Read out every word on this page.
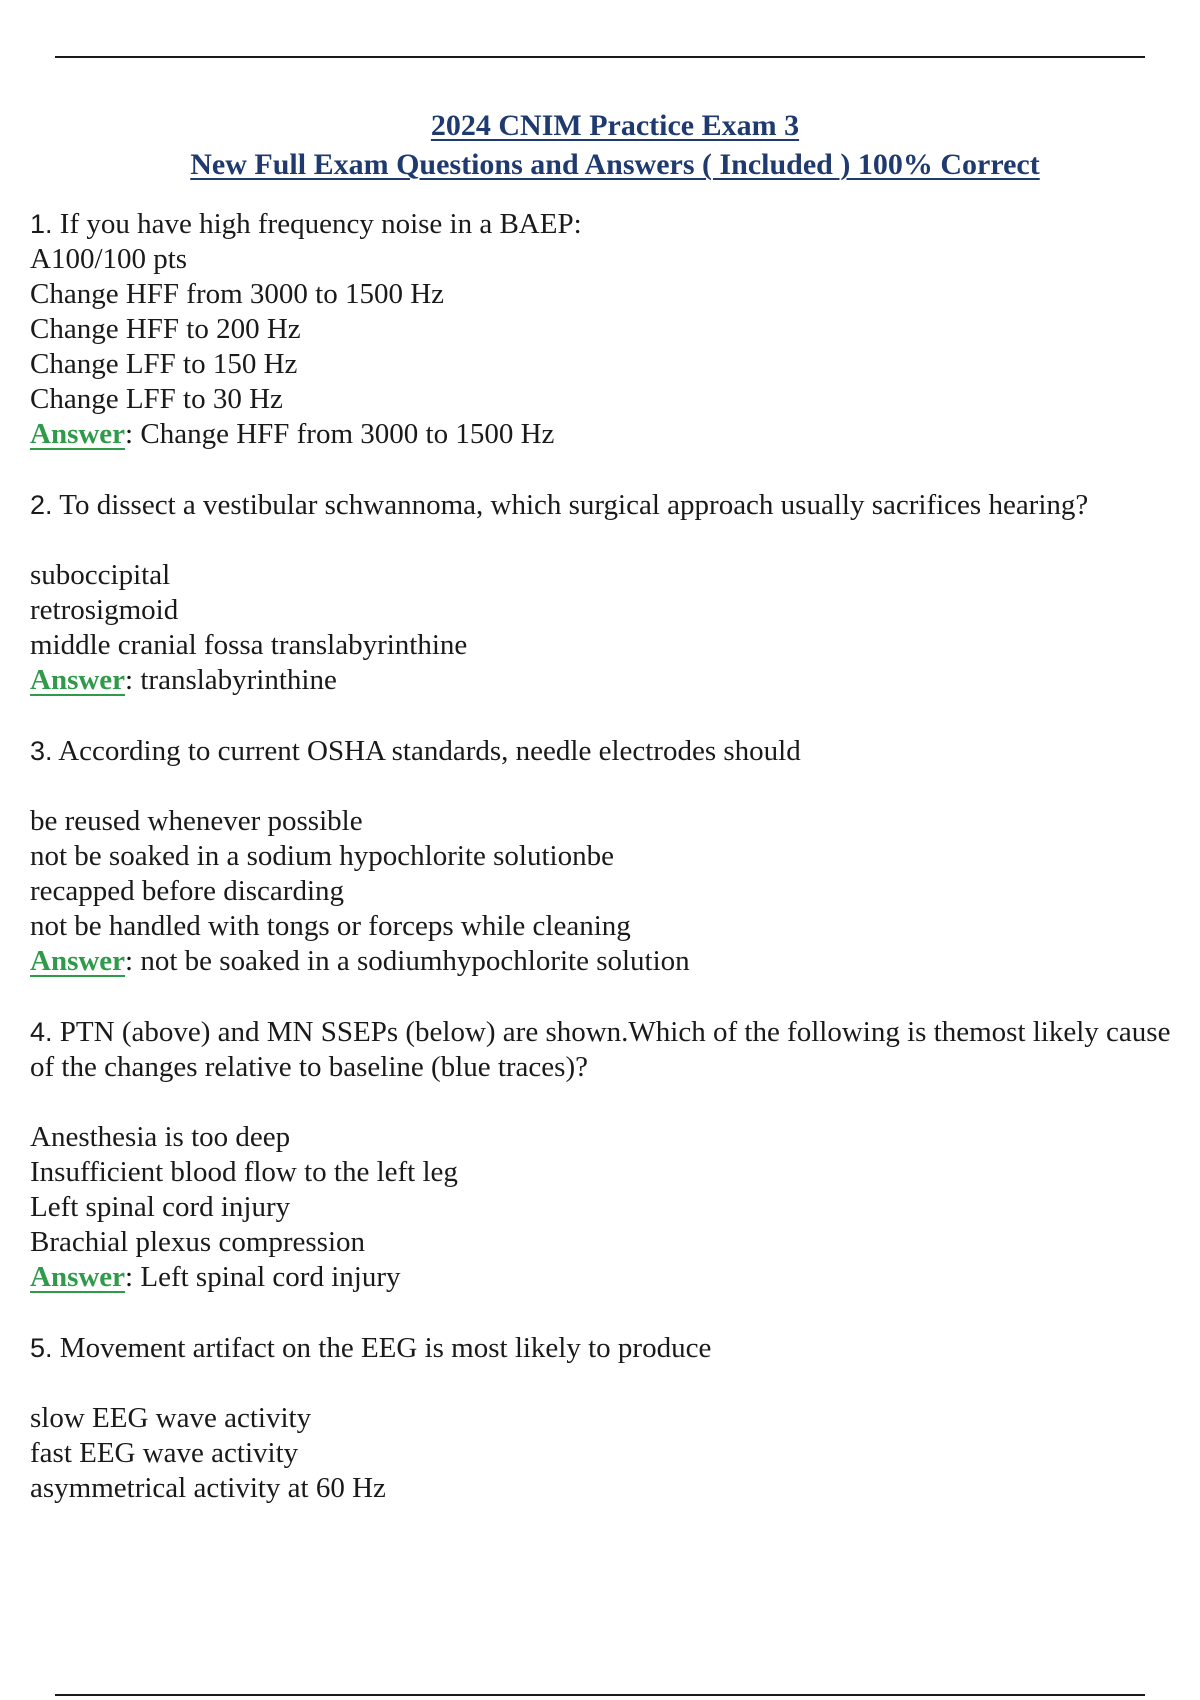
2024 CNIM Practice Exam 3
New Full Exam Questions and Answers ( Included ) 100% Correct

1. If you have high frequency noise in a BAEP:

A100/100 pts

Change HFF from 3000 to 1500 Hz

Change HFF to 200 Hz

Change LFF to 150 Hz

Change LFF to 30 Hz

Answer: Change HFF from 3000 to 1500 Hz

2. To dissect a vestibular schwannoma, which surgical approach usually sacrifices hearing?

suboccipital

retrosigmoid

middle cranial fossa translabyrinthine

Answer: translabyrinthine

3. According to current OSHA standards, needle electrodes should

be reused whenever possible

not be soaked in a sodium hypochlorite solutionbe

recapped before discarding

not be handled with tongs or forceps while cleaning

Answer: not be soaked in a sodiumhypochlorite solution

4. PTN (above) and MN SSEPs (below) are shown.Which of the following is themost likely cause of the changes relative to baseline (blue traces)?

Anesthesia is too deep

Insufficient blood flow to the left leg

Left spinal cord injury

Brachial plexus compression

Answer: Left spinal cord injury

5. Movement artifact on the EEG is most likely to produce

slow EEG wave activity

fast EEG wave activity

asymmetrical activity at 60 Hz
